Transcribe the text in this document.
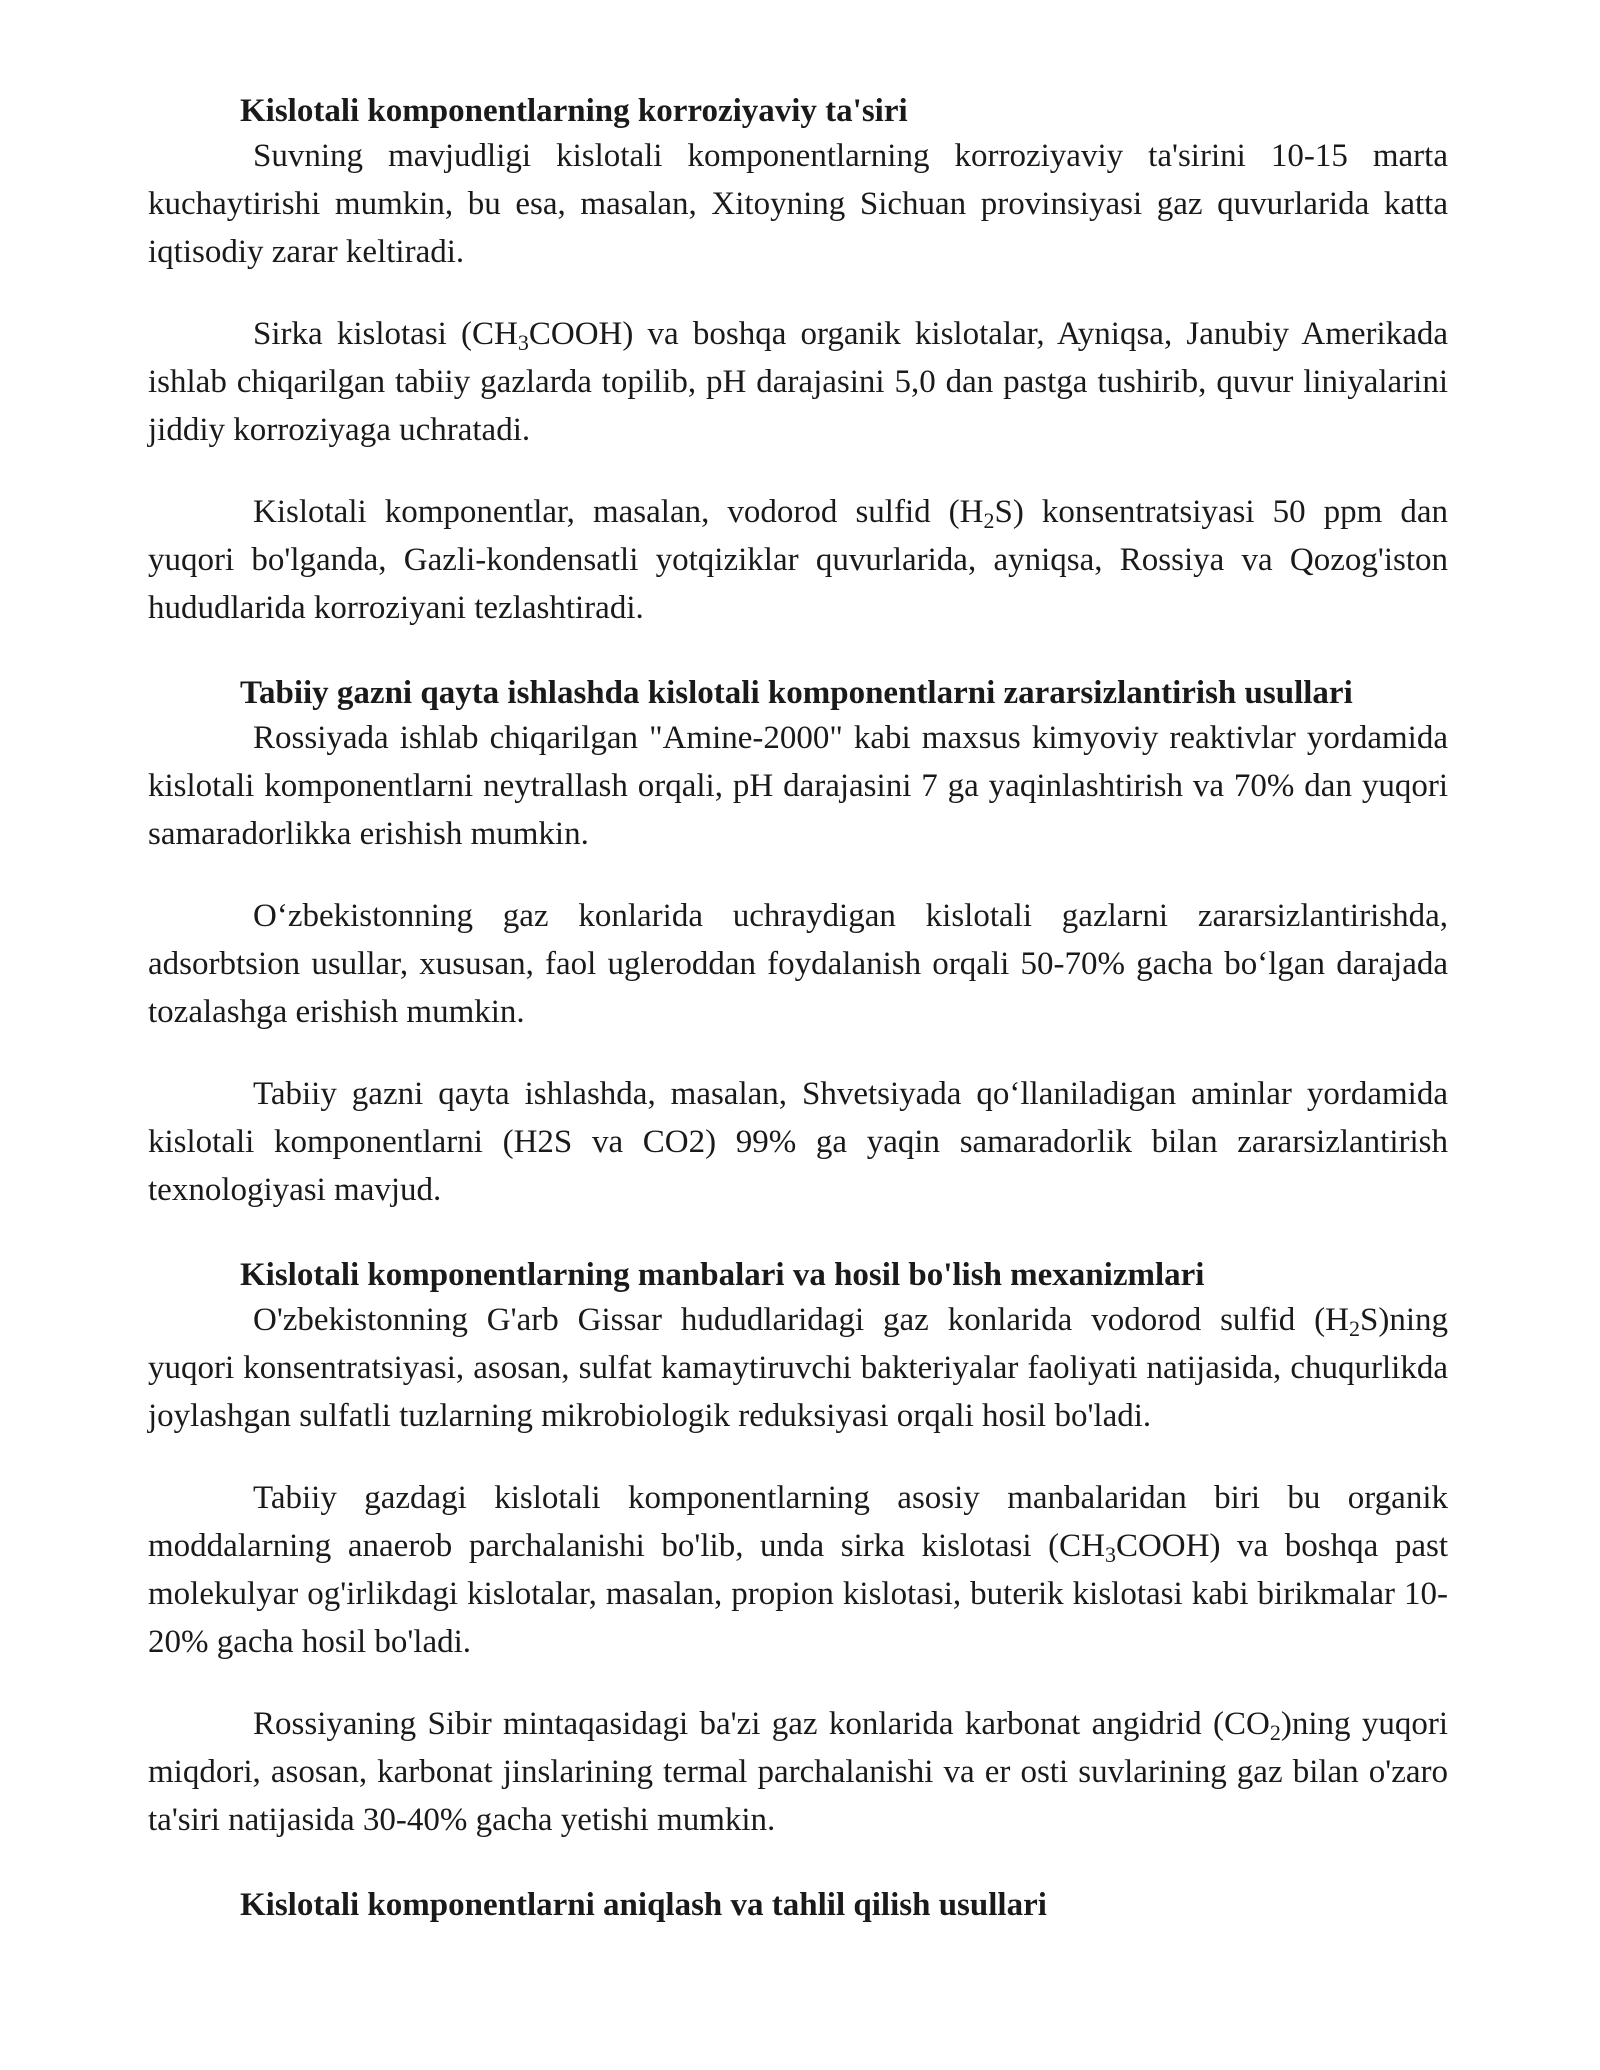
Kislotali komponentlarning korroziyaviy ta'siri

Suvning mavjudligi kislotali komponentlarning korroziyaviy ta'sirini 10-15 marta kuchaytirishi mumkin, bu esa, masalan, Xitoyning Sichuan provinsiyasi gaz quvurlarida katta iqtisodiy zarar keltiradi.

Sirka kislotasi $(CH_3COOH)$ va boshqa organik kislotalar, Ayniqsa, Janubiy Amerikada ishlab chiqarilgan tabiiy gazlarda topilib, pH darajasini 5,0 dan pastga tushirib, quvur liniyalarini jiddiy korroziyaga uchratadi.

Kislotali komponentlar, masalan, vodorod sulfid $(H_2S)$ konsentratsiyasi 50 ppm dan yuqori bo'lganda, Gazli-kondensatli yotqiziklar quvurlarida, ayniqsa, Rossiya va Qozog'iston hududlarida korroziyani tezlashtiradi.

Tabiiy gazni qayta ishlashda kislotali komponentlarni zararsizlantirish usullari

Rossiyada ishlab chiqarilgan "Amine-2000" kabi maxsus kimyoviy reaktivlar yordamida kislotali komponentlarni neytrallash orqali, pH darajasini 7 ga yaqinlashtirish va 70% dan yuqori samaradorlikka erishish mumkin.

O‘zbekistonning gaz konlarida uchraydigan kislotali gazlarni zararsizlantirishda, adsorbtsion usullar, xususan, faol ugleroddan foydalanish orqali 50-70% gacha bo‘lgan darajada tozalashga erishish mumkin.

Tabiiy gazni qayta ishlashda, masalan, Shvetsiyada qo‘llaniladigan aminlar yordamida kislotali komponentlarni (H2S va CO2) 99% ga yaqin samaradorlik bilan zararsizlantirish texnologiyasi mavjud.

Kislotali komponentlarning manbalari va hosil bo'lish mexanizmlari

O'zbekistonning G'arb Gissar hududlaridagi gaz konlarida vodorod sulfid $(H_2S)ning$ yuqori konsentratsiyasi, asosan, sulfat kamaytiruvchi bakteriyalar faoliyati natijasida, chuqurlikda joylashgan sulfatli tuzlarning mikrobiologik reduksiyasi orqali hosil bo'ladi.

Tabiiy gazdagi kislotali komponentlarning asosiy manbalaridan biri bu organik moddalarning anaerob parchalanishi bo'lib, unda sirka kislotasi $(CH_3COOH)$ va boshqa past molekulyar og'irlikdagi kislotalar, masalan, propion kislotasi, buterik kislotasi kabi birikmalar 10-20% gacha hosil bo'ladi.

Rossiyaning Sibir mintaqasidagi ba'zi gaz konlarida karbonat angidrid $(CO_2)ning$ yuqori miqdori, asosan, karbonat jinslarining termal parchalanishi va er osti suvlarining gaz bilan o'zaro ta'siri natijasida 30-40% gacha yetishi mumkin.

Kislotali komponentlarni aniqlash va tahlil qilish usullari
